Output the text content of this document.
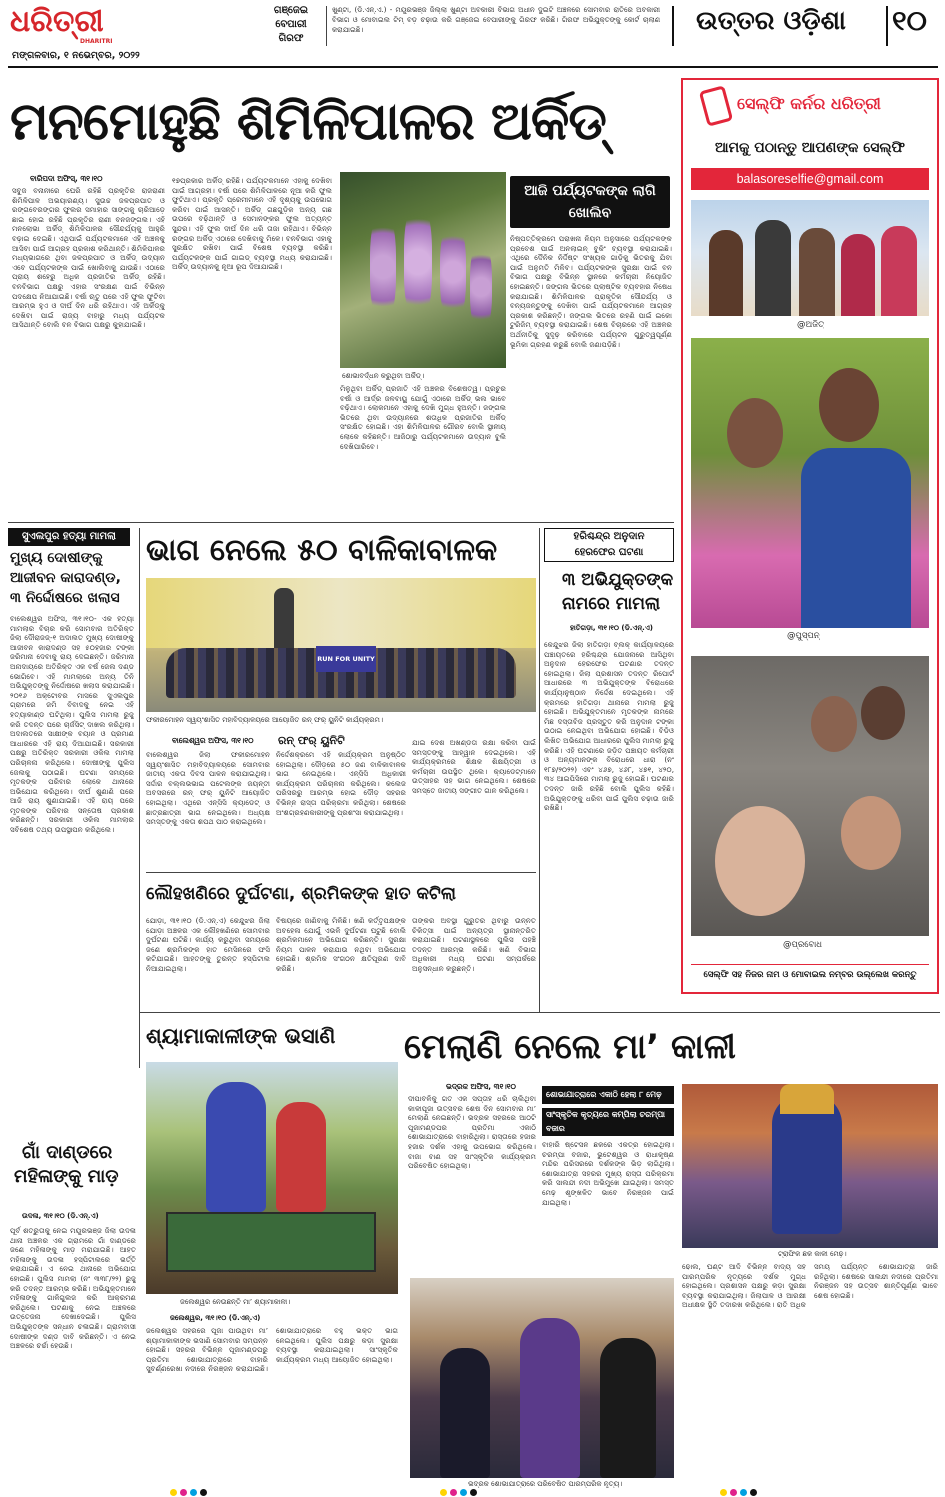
ଧରିତ୍ରୀ
DHARITRI
ମଙ୍ଗଳବାର, ୧ ନଭେମ୍ବର, ୨୦୨୨
ଗଞ୍ଜେଇ
ବେପାରୀ
ଗିରଫ
ଖୁଣ୍ଟା, (ଡି.ଏନ୍.ଏ.) - ମୟୂରଭଞ୍ଜ ଜିଲ୍ଲା ଖୁଣ୍ଟା ଅବକାରୀ ବିଭାଗ ଅଧୀନ ଦୁଇଟି ଅଞ୍ଚଳରେ ସୋମବାର ରାତିରେ ଅବକାରୀ ବିଭାଗ ଓ ମୋବାଇଲ ଟିମ୍ ବଡ଼ ଚଢ଼ାଉ କରି ଗଞ୍ଜେଇ ବେପାରୀଙ୍କୁ ଗିରଫ କରିଛି। ଗିରଫ ଅଭିଯୁକ୍ତଙ୍କୁ କୋର୍ଟ ଚାଲାଣ କରାଯାଇଛି।	ଉତ୍ତର ଓଡ଼ିଶା ୧୦
ମନମୋହୁଛି ଶିମିଳିପାଳର ଅର୍କିଡ୍
ବାରିପଦା ଅଫିସ୍‌, ୩୧।୧୦
ସବୁଜ ବନାନୀରେ ଘେରି ରହିଛି ପ୍ରକୃତିର ରାଜରାଣୀ ଶିମିଳିପାଳ ଅଭୟାରଣ୍ୟ। ସୁଉଚ୍ଚ ଜଳପ୍ରପାତ ଓ ରଙ୍ଗବେରଙ୍ଗର ଫୁଲର ସମାହାର ସାଙ୍ଗକୁ ଚାରିଆଡ଼େ ଛାଇ ହୋଇ ରହିଛି ପ୍ରକୃତିର ରାଣୀ ବନଜଙ୍ଗଲ। ଏହି ମନଲୋଭା ଅର୍କିଡ୍‌ ଶିମିଳିପାଳର ସୌନ୍ଦର୍ଯ୍ୟକୁ ଆହୁରି ବଢ଼ାଇ ଦେଇଛି। ଏଥିପାଇଁ ପର୍ଯ୍ୟଟକମାନେ ଏହି ଅଞ୍ଚଳକୁ ଆସିବା ପାଇଁ ଆଗ୍ରହ ପ୍ରକାଶ କରିଥାନ୍ତି। ଶିମିଳିପାଳର ମଧ୍ୟଭାଗରେ ଥିବା ଜଳପ୍ରପାତ ଓ ଅର୍କିଡ୍‌ ଉଦ୍ୟାନ ଏବେ ପର୍ଯ୍ୟଟକଙ୍କ ପାଇଁ ଖୋଲିବାକୁ ଯାଉଛି। ଏଠାରେ ପ୍ରାୟ ଶହେରୁ ଅଧିକ ପ୍ରଜାତିର ଅର୍କିଡ୍‌ ରହିଛି। ବନବିଭାଗ ପକ୍ଷରୁ ଏହାର ସଂରକ୍ଷଣ ପାଇଁ ବିଭିନ୍ନ ପଦକ୍ଷେପ ନିଆଯାଇଛି। ବର୍ଷା ଋତୁ ପରେ ଏହି ଫୁଲ ଫୁଟିବା ଆରମ୍ଭ ହୁଏ ଓ ଦୀର୍ଘ ଦିନ ଧରି ରହିଥାଏ। ଏହି ଅର୍କିଡ୍‌କୁ ଦେଖିବା ପାଇଁ ରାଜ୍ୟ ବାହାରୁ ମଧ୍ୟ ପର୍ଯ୍ୟଟକ ଆସିଥାନ୍ତି ବୋଲି ବନ ବିଭାଗ ପକ୍ଷରୁ କୁହାଯାଇଛି।
୧୭ପ୍ରକାର ଅର୍କିଡ୍‌ ରହିଛି। ପର୍ଯ୍ୟଟକମାନେ ଏହାକୁ ଦେଖିବା ପାଇଁ ଆଗ୍ରହୀ। ବର୍ଷା ପରେ ଶିମିଳିପାଳରେ ନୂଆ କରି ଫୁଲ ଫୁଟିଥାଏ। ପ୍ରକୃତି ପ୍ରେମୀମାନେ ଏହି ଦୃଶ୍ୟକୁ ଉପଭୋଗ କରିବା ପାଇଁ ଆସନ୍ତି। ଅର୍କିଡ୍‌ ଗଛଗୁଡ଼ିକ ଅନ୍ୟ ଗଛ ଉପରେ ବଢ଼ିଥାନ୍ତି ଓ ସେମାନଙ୍କର ଫୁଲ ଅତ୍ୟନ୍ତ ସୁନ୍ଦର। ଏହି ଫୁଲ ଦୀର୍ଘ ଦିନ ଧରି ତାଜା ରହିଥାଏ। ବିଭିନ୍ନ ରଙ୍ଗର ଅର୍କିଡ୍‌ ଏଠାରେ ଦେଖିବାକୁ ମିଳେ। ବନବିଭାଗ ଏହାକୁ ସୁରକ୍ଷିତ ରଖିବା ପାଇଁ ବିଶେଷ ବ୍ୟବସ୍ଥା କରିଛି। ପର୍ଯ୍ୟଟକଙ୍କ ପାଇଁ ଗାଇଡ୍‌ ବ୍ୟବସ୍ଥା ମଧ୍ୟ କରାଯାଇଛି। ଅର୍କିଡ୍‌ ଉଦ୍ୟାନକୁ ନୂଆ ରୂପ ଦିଆଯାଇଛି।
ଶୋଭାବର୍ଦ୍ଧନ କରୁଥିବା ଅର୍କିଡ୍‌।
ଆଜି ପର୍ଯ୍ୟଟକଙ୍କ ଲାଗି ଖୋଲିବ
ମିଳୁଥିବା ଅର୍କିଡ୍‌ ପ୍ରଜାତି ଏହି ଅଞ୍ଚଳର ବିଶେଷତ୍ୱ। ପ୍ରଚୁର ବର୍ଷା ଓ ଆର୍ଦ୍ର ଜଳବାୟୁ ଯୋଗୁଁ ଏଠାରେ ଅର୍କିଡ୍‌ ଭଲ ଭାବେ ବଢ଼ିଥାଏ। ଲୋକମାନେ ଏହାକୁ ଦେଖି ମୁଗ୍ଧ ହୁଅନ୍ତି। ଜଙ୍ଗଲ ଭିତରେ ଥିବା ଉଦ୍ୟାନରେ ଶତାଧିକ ପ୍ରଜାତିର ଅର୍କିଡ୍‌ ସଂରକ୍ଷିତ ହୋଇଛି। ଏହା ଶିମିଳିପାଳର ଗୌରବ ବୋଲି ସ୍ଥାନୀୟ ଲୋକେ କହିଛନ୍ତି। ଆଜିଠାରୁ ପର୍ଯ୍ୟଟକମାନେ ଉଦ୍ୟାନ ବୁଲି ଦେଖିପାରିବେ।
ନିଷ୍ପତ୍ତିକ୍ରମେ ପରାଖନା ନିୟମ ଅନୁସାରେ ପର୍ଯ୍ୟଟକଙ୍କ ପ୍ରବେଶ ପାଇଁ ଅନଲାଇନ୍‌ ବୁକିଂ ବ୍ୟବସ୍ଥା କରାଯାଇଛି। ଏଥିରେ ଦୈନିକ ନିର୍ଦ୍ଦିଷ୍ଟ ସଂଖ୍ୟକ ଗାଡ଼ିକୁ ଭିତରକୁ ଯିବା ପାଇଁ ଅନୁମତି ମିଳିବ। ପର୍ଯ୍ୟଟକଙ୍କ ସୁରକ୍ଷା ପାଇଁ ବନ ବିଭାଗ ପକ୍ଷରୁ ବିଭିନ୍ନ ସ୍ଥାନରେ କର୍ମଚାରୀ ନିୟୋଜିତ ହୋଇଛନ୍ତି। ଜଙ୍ଗଲ ଭିତରେ ପ୍ଲାଷ୍ଟିକ ବ୍ୟବହାର ନିଷେଧ କରାଯାଇଛି। ଶିମିଳିପାଳର ପ୍ରାକୃତିକ ସୌନ୍ଦର୍ଯ୍ୟ ଓ ବନ୍ୟଜନ୍ତୁଙ୍କୁ ଦେଖିବା ପାଇଁ ପର୍ଯ୍ୟଟକମାନେ ଆଗ୍ରହ ପ୍ରକାଶ କରିଛନ୍ତି। ଜଙ୍ଗଲ ଭିତରେ ରହଣି ପାଇଁ ଇକୋ ଟୁରିଜିମ୍‌ ବ୍ୟବସ୍ଥା କରାଯାଇଛି। ଶେଷ ବିଚାରରେ ଏହି ଅଞ୍ଚଳର ଅର୍ଥନୀତିକୁ ସୁଦୃଢ଼ କରିବାରେ ପର୍ଯ୍ୟଟନ ଗୁରୁତ୍ୱପୂର୍ଣ୍ଣ ଭୂମିକା ଗ୍ରହଣ କରୁଛି ବୋଲି ଜଣାପଡ଼ିଛି।
ସେଲ୍ଫି କର୍ନର ଧରିତ୍ରୀ
ଆମକୁ ପଠାନ୍ତୁ ଆପଣଙ୍କ ସେଲ୍ଫି
balasoreselfie@gmail.com
@ଅଜିତ୍‌
@ପୁସ୍ପନ୍‌
@ପ୍ରବୋଧ
ସେଲ୍ଫି ସହ ନିଜର ନାମ ଓ ମୋବାଇଲ ନମ୍ବର ଉଲ୍ଲେଖ କରନ୍ତୁ
ସୁଏଲପୁର ହତ୍ୟା ମାମଲା
ମୁଖ୍ୟ ଦୋଷୀଙ୍କୁ
ଆଜୀବନ କାରାଦଣ୍ଡ,
୩ ନିର୍ଦ୍ଦୋଷରେ ଖଲାସ
ବାଲେଶ୍ୱର ଅଫିସ, ୩୧।୧୦- ଏକ ହତ୍ୟା ମାମଲାର ବିଚାର କରି ସୋମବାର ଅତିରିକ୍ତ ଜିଲା ଦୌରାଜଜ୍‌-୧ ଅଦାଲତ ମୁଖ୍ୟ ଦୋଷୀଙ୍କୁ ଆଜୀବନ କାରାଦଣ୍ଡ ସହ ୫୦ହଜାର ଟଙ୍କା ଜରିମାନା ଦେବାକୁ ରାୟ ଦେଇଛନ୍ତି। ଜରିମାନା ଅନାଦାୟରେ ଅତିରିକ୍ତ ଏକ ବର୍ଷ ଜେଲ ଦଣ୍ଡ ଭୋଗିବେ। ଏହି ମାମଲାରେ ଅନ୍ୟ ତିନି ଅଭିଯୁକ୍ତଙ୍କୁ ନିର୍ଦ୍ଦୋଷରେ ଖଲାସ କରାଯାଇଛି। ୨୦୧୬ ଅକ୍ଟୋବର ମାସରେ ସୁଏଲପୁର ଗ୍ରାମରେ ଜମି ବିବାଦକୁ ନେଇ ଏହି ହତ୍ୟାକାଣ୍ଡ ଘଟିଥିଲା। ପୁଲିସ ମାମଲା ରୁଜୁ କରି ତଦନ୍ତ ପରେ ଚାର୍ଜସିଟ୍‌ ଦାଖଲ କରିଥିଲା। ଅଦାଲତରେ ସାକ୍ଷୀଙ୍କ ବୟାନ ଓ ପ୍ରମାଣ ଆଧାରରେ ଏହି ରାୟ ଦିଆଯାଇଛି। ସରକାରୀ ପକ୍ଷରୁ ଅତିରିକ୍ତ ସରକାରୀ ଓକିଲ ମାମଲା ପରିଚାଳନା କରିଥିଲେ। ଦୋଷୀଙ୍କୁ ପୁଲିସ ଜେଲକୁ ପଠାଇଛି। ଘଟଣା ସମୟରେ ମୃତକଙ୍କ ପରିବାର ଲୋକେ ଥାନାରେ ଅଭିଯୋଗ କରିଥିଲେ। ଦୀର୍ଘ ଶୁଣାଣି ପରେ ଆଜି ରାୟ ଶୁଣାଯାଇଛି। ଏହି ରାୟ ପରେ ମୃତକଙ୍କ ପରିବାର ସନ୍ତୋଷ ପ୍ରକାଶ କରିଛନ୍ତି। ସରକାରୀ ଓକିଲ ମାମଲାର ସବିଶେଷ ତଥ୍ୟ ଉପସ୍ଥାପନ କରିଥିଲେ।
ଭାଗ ନେଲେ ୫୦ ବାଳିକାବାଳକ
RUN FOR UNITY
ଫକୀରମୋହନ ସ୍ୱୟଂଶାସିତ ମହାବିଦ୍ୟାଳୟରେ ଆୟୋଜିତ ରନ୍ ଫର୍ ୟୁନିଟି କାର୍ଯ୍ୟକ୍ରମ।
ବାଲେଶ୍ୱର ଅଫିସ, ୩୧।୧୦ ରନ୍ ଫର୍ ୟୁନିଟି
ବାଲେଶ୍ୱର ଜିଲା ଫକୀରମୋହନ ସ୍ୱୟଂଶାସିତ ମହାବିଦ୍ୟାଳୟରେ ସୋମବାର ଜାତୀୟ ଏକତା ଦିବସ ପାଳନ କରାଯାଇଥିଲା। ସର୍ଦ୍ଦାର ବଲ୍ଲଭଭାଇ ପଟେଲଙ୍କ ଜୟନ୍ତୀ ଅବସରରେ ରନ୍ ଫର୍ ୟୁନିଟି ଆୟୋଜିତ ହୋଇଥିଲା। ଏଥିରେ ଏନ୍‌ସିସି କ୍ୟାଡେଟ୍‌ ଓ ଛାତ୍ରଛାତ୍ରୀ ଭାଗ ନେଇଥିଲେ। ଅଧ୍ୟକ୍ଷ ସମସ୍ତଙ୍କୁ ଏକତା ଶପଥ ପାଠ କରାଇଥିଲେ।
ନିର୍ଦ୍ଦେଶକ୍ରମେ ଏହି କାର୍ଯ୍ୟକ୍ରମ ଅନୁଷ୍ଠିତ ହୋଇଥିଲା। ଦୌଡ଼ରେ ୫୦ ଜଣ ବାଳିକାବାଳକ ଭାଗ ନେଇଥିଲେ। ଏନ୍‌ସିସି ଅଧିକାରୀ କାର୍ଯ୍ୟକ୍ରମ ପରିଚାଳନା କରିଥିଲେ। କଲେଜ ପରିସରରୁ ଆରମ୍ଭ ହୋଇ ଦୌଡ଼ ସହରର ବିଭିନ୍ନ ରାସ୍ତା ପରିକ୍ରମା କରିଥିଲା। ଶେଷରେ ଅଂଶଗ୍ରହଣକାରୀଙ୍କୁ ପ୍ରଶଂସା କରାଯାଇଥିଲା।
ଯାଇ ଦେଶ ଅଖଣ୍ଡତା ରକ୍ଷା କରିବା ପାଇଁ ସମସ୍ତଙ୍କୁ ଆହ୍ୱାନ ଦେଇଥିଲେ। ଏହି କାର୍ଯ୍ୟକ୍ରମରେ ଶିକ୍ଷକ ଶିକ୍ଷୟିତ୍ରୀ ଓ କର୍ମଚାରୀ ଉପସ୍ଥିତ ଥିଲେ। କ୍ୟାଡେଟ୍‌ମାନେ ଉତ୍ସାହର ସହ ଭାଗ ନେଇଥିଲେ। ଶେଷରେ ସମସ୍ତେ ଜାତୀୟ ସଙ୍ଗୀତ ଗାନ କରିଥିଲେ।
ହରିଶ୍ଚନ୍ଦ୍ର ଅନୁଦାନ
ହେରଫେର ଘଟଣା
୩ ଅଭିଯୁକ୍ତଙ୍କ
ନାମରେ ମାମଲା
ହାତିଗଡ଼ା, ୩୧।୧୦ (ଡି.ଏନ୍‌.ଏ)
କେନ୍ଦୁଝର ଜିଲା ହାତିଗଡ଼ା ବ୍ଲକ୍‌ କାର୍ଯ୍ୟାଳୟରେ ପଞ୍ଚାୟତରେ ହରିଶ୍ଚନ୍ଦ୍ର ଯୋଜନାରେ ଆସିଥିବା ଅନୁଦାନ ହେରଫେର ଘଟଣାର ତଦନ୍ତ ହୋଇଥିଲା। ଜିଲା ପ୍ରଶାସନ ତଦନ୍ତ ରିପୋର୍ଟ ଆଧାରରେ ୩ ଅଭିଯୁକ୍ତଙ୍କ ବିରୋଧରେ କାର୍ଯ୍ୟାନୁଷ୍ଠାନ ନିର୍ଦ୍ଦେଶ ଦେଇଥିଲେ। ଏହି କ୍ରମରେ ହାତିଗଡ଼ା ଥାନାରେ ମାମଲା ରୁଜୁ ହୋଇଛି। ଅଭିଯୁକ୍ତମାନେ ମୃତକଙ୍କ ନାମରେ ମିଛ ଦସ୍ତାବିଜ ପ୍ରସ୍ତୁତ କରି ଅନୁଦାନ ଟଙ୍କା ଉଠାଇ ନେଇଥିବା ଅଭିଯୋଗ ହୋଇଛି। ବିଡିଓ ଲିଖିତ ଅଭିଯୋଗ ଆଧାରରେ ପୁଲିସ ମାମଲା ରୁଜୁ କରିଛି। ଏହି ଘଟଣାରେ ଜଡ଼ିତ ପଞ୍ଚାୟତ କର୍ମଚାରୀ ଓ ଅନ୍ୟମାନଙ୍କ ବିରୋଧରେ ଧାରା (ନଂ ୧୮୭/୨୦୨୨) ଏବଂ ୪୬୭, ୪୬୮, ୪୭୧, ୪୨୦, ୩୪ ଆଇପିସିରେ ମାମଲା ରୁଜୁ ହୋଇଛି। ଘଟଣାର ତଦନ୍ତ ଜାରି ରହିଛି ବୋଲି ପୁଲିସ କହିଛି। ଅଭିଯୁକ୍ତଙ୍କୁ ଧରିବା ପାଇଁ ପୁଲିସ ଚଢ଼ାଉ ଜାରି ରଖିଛି।
ଲୌହଖଣିରେ ଦୁର୍ଘଟଣା, ଶ୍ରମିକଙ୍କ ହାତ କଟିଲା
ଯୋଡ଼ା, ୩୧।୧୦ (ଡି.ଏନ୍‌.ଏ) କେନ୍ଦୁଝର ଜିଲା ଯୋଡ଼ା ଅଞ୍ଚଳର ଏକ ଲୌହଖଣିରେ ସୋମବାର ଦୁର୍ଘଟଣା ଘଟିଛି। କାର୍ଯ୍ୟ କରୁଥିବା ସମୟରେ ଜଣେ ଶ୍ରମିକଙ୍କ ହାତ ମେସିନରେ ଫସି କଟିଯାଇଛି। ଆହତଙ୍କୁ ତୁରନ୍ତ ହସ୍ପିଟାଲ ନିଆଯାଇଥିଲା।
ବିଷୟରେ ଜାଣିବାକୁ ମିଳିଛି। ଖଣି କର୍ତ୍ତୃପକ୍ଷଙ୍କ ଅବହେଳା ଯୋଗୁଁ ଏଭଳି ଦୁର୍ଘଟଣା ଘଟୁଛି ବୋଲି ଶ୍ରମିକମାନେ ଅଭିଯୋଗ କରିଛନ୍ତି। ସୁରକ୍ଷା ନିୟମ ପାଳନ କରାଯାଉ ନଥିବା ଅଭିଯୋଗ ହୋଇଛି। ଶ୍ରମିକ ସଂଗଠନ କ୍ଷତିପୂରଣ ଦାବି କରିଛି।
ତାଙ୍କର ଅବସ୍ଥା ଗୁରୁତର ଥିବାରୁ ଉନ୍ନତ ଚିକିତ୍ସା ପାଇଁ ଅନ୍ୟତ୍ର ସ୍ଥାନାନ୍ତରିତ କରାଯାଇଛି। ଘଟଣାସ୍ଥଳରେ ପୁଲିସ ପହଞ୍ଚି ତଦନ୍ତ ଆରମ୍ଭ କରିଛି। ଖଣି ବିଭାଗ ଅଧିକାରୀ ମଧ୍ୟ ଘଟଣା ସମ୍ପର୍କରେ ଅନୁସନ୍ଧାନ କରୁଛନ୍ତି।
ଶ୍ୟାମାକାଳୀଙ୍କ ଭସାଣି
ଜଲେଶ୍ୱର ନେଉଛନ୍ତି ମା’ ଶ୍ୟାମାକାଳୀ।
ଜଲେଶ୍ୱର, ୩୧।୧୦ (ଡି.ଏନ୍‌.ଏ)
ଜଲେଶ୍ୱର ସହରରେ ପୂଜା ପାଉଥିବା ମା’ ଶ୍ୟାମାକାଳୀଙ୍କ ଭସାଣି ସୋମବାର ସମ୍ପନ୍ନ ହୋଇଛି। ସହରର ବିଭିନ୍ନ ପୂଜାମଣ୍ଡପରୁ ପ୍ରତିମା ଶୋଭାଯାତ୍ରାରେ ବାହାରି ସୁବର୍ଣ୍ଣରେଖା ନଦୀରେ ନିରଞ୍ଜନ କରାଯାଇଛି। ଶୋଭାଯାତ୍ରାରେ ବହୁ ଭକ୍ତ ଭାଗ ନେଇଥିଲେ। ପୁଲିସ ପକ୍ଷରୁ କଡ଼ା ସୁରକ୍ଷା ବ୍ୟବସ୍ଥା କରାଯାଇଥିଲା। ସାଂସ୍କୃତିକ କାର୍ଯ୍ୟକ୍ରମ ମଧ୍ୟ ଆୟୋଜିତ ହୋଇଥିଲା।
ଗାଁ ଦାଣ୍ଡରେ
ମହିଳାଙ୍କୁ ମାଡ଼
ଉଦଳା, ୩୧।୧୦ (ଡି.ଏନ୍‌.ଏ)
ପୂର୍ବ ଶତ୍ରୁତାକୁ ନେଇ ମୟୂରଭଞ୍ଜ ଜିଲା ଉଦଳା ଥାନା ଅଞ୍ଚଳର ଏକ ଗ୍ରାମରେ ଗାଁ ଦାଣ୍ଡରେ ଜଣେ ମହିଳାଙ୍କୁ ମାଡ଼ ମରାଯାଇଛି। ଆହତ ମହିଳାଙ୍କୁ ଉଦଳା ହସ୍ପିଟାଲରେ ଭର୍ତ୍ତି କରାଯାଇଛି। ଏ ନେଇ ଥାନାରେ ଅଭିଯୋଗ ହୋଇଛି। ପୁଲିସ ମାମଲା (ନଂ ୩୩୮/୨୨) ରୁଜୁ କରି ତଦନ୍ତ ଆରମ୍ଭ କରିଛି। ଅଭିଯୁକ୍ତମାନେ ମହିଳାଙ୍କୁ ଗାଳିଗୁଲଜ କରି ଆକ୍ରମଣ କରିଥିଲେ। ଘଟଣାକୁ ନେଇ ଅଞ୍ଚଳରେ ଉତ୍ତେଜନା ଦେଖାଦେଇଛି। ପୁଲିସ ଅଭିଯୁକ୍ତଙ୍କ ସନ୍ଧାନ ଚଳାଇଛି। ଗ୍ରାମବାସୀ ଦୋଷୀଙ୍କ ଦଣ୍ଡ ଦାବି କରିଛନ୍ତି। ଏ ନେଇ ଅଞ୍ଚଳରେ ଚର୍ଚ୍ଚା ହେଉଛି।
ମେଲାଣି ନେଲେ ମା’ କାଳୀ
ଭଦ୍ରକ ଅଫିସ, ୩୧।୧୦
ଦୀପାବଳିକୁ ଗତ ଏକ ସପ୍ତାହ ଧରି ଚାଲିଥିବା କାଳୀପୂଜା ଉତ୍ସବର ଶେଷ ଦିନ ସୋମବାର ମା’ ମେଲାଣି ନେଇଛନ୍ତି। ଭଦ୍ରକ ସହରରେ ଆଠଟି ପୂଜାମଣ୍ଡପର ପ୍ରତିମା ଏକାଠି ଶୋଭାଯାତ୍ରାରେ ବାହାରିଥିଲା। ରାସ୍ତାରେ ହଜାର ହଜାର ଦର୍ଶକ ଏହାକୁ ଉପଭୋଗ କରିଥିଲେ। ବାଜା ବାଣ ସହ ସାଂସ୍କୃତିକ କାର୍ଯ୍ୟକ୍ରମ ପରିବେଷିତ ହୋଇଥିଲା।
ଶୋଭାଯାତ୍ରାରେ ଏକାଠି ହେଲା ୮ ମେଢ଼
ସାଂସ୍କୃତିକ କୃତ୍ୟରେ କମ୍ପିଲା ଚରମ୍ପା ବଜାର
ବାହାରି ଷ୍ଟେସନ ଛକରେ ଏକତ୍ର ହୋଇଥିଲା। ଚରମ୍ପା ବଜାର, ଭୁଟେଶ୍ୱର ଓ ରାଧାକୃଷ୍ଣ ମନ୍ଦିର ପରିସରରେ ଦର୍ଶକଙ୍କ ଭିଡ଼ ଲାଗିଥିଲା। ଶୋଭାଯାତ୍ରା ସହରର ମୁଖ୍ୟ ରାସ୍ତା ପରିକ୍ରମା କରି ସାଲନ୍ଦୀ ନଦୀ ଅଭିମୁଖେ ଯାଇଥିଲା। ସମସ୍ତ ମେଢ଼ ଶୃଙ୍ଖଳିତ ଭାବେ ନିରଞ୍ଜନ ପାଇଁ ଯାଇଥିଲା।
ଟ୍ରାଫିକ ଛକ କାଳୀ ମେଢ଼।
ଭଦ୍ରକ ଶୋଭାଯାତ୍ରାରେ ପରିବେଷିତ ପାରମ୍ପରିକ ନୃତ୍ୟ।
ଢୋଲ, ଘଣ୍ଟ ଆଦି ବିଭିନ୍ନ ବାଦ୍ୟ ସହ ପାରମ୍ପରିକ ନୃତ୍ୟରେ ଦର୍ଶକ ମୁଗ୍ଧ ହୋଇଥିଲେ। ପ୍ରଶାସନ ପକ୍ଷରୁ କଡ଼ା ସୁରକ୍ଷା ବ୍ୟବସ୍ଥା କରାଯାଇଥିଲା। ଜିଲାପାଳ ଓ ଆରକ୍ଷୀ ଅଧୀକ୍ଷକ ସ୍ଥିତି ତଦାରଖ କରିଥିଲେ। ରାତି ଅଧିକ ସମୟ ପର୍ଯ୍ୟନ୍ତ ଶୋଭାଯାତ୍ରା ଜାରି ରହିଥିଲା। ଶେଷରେ ସାଲନ୍ଦୀ ନଦୀରେ ପ୍ରତିମା ନିରଞ୍ଜନ ସହ ଉତ୍ସବ ଶାନ୍ତିପୂର୍ଣ୍ଣ ଭାବେ ଶେଷ ହୋଇଛି।
